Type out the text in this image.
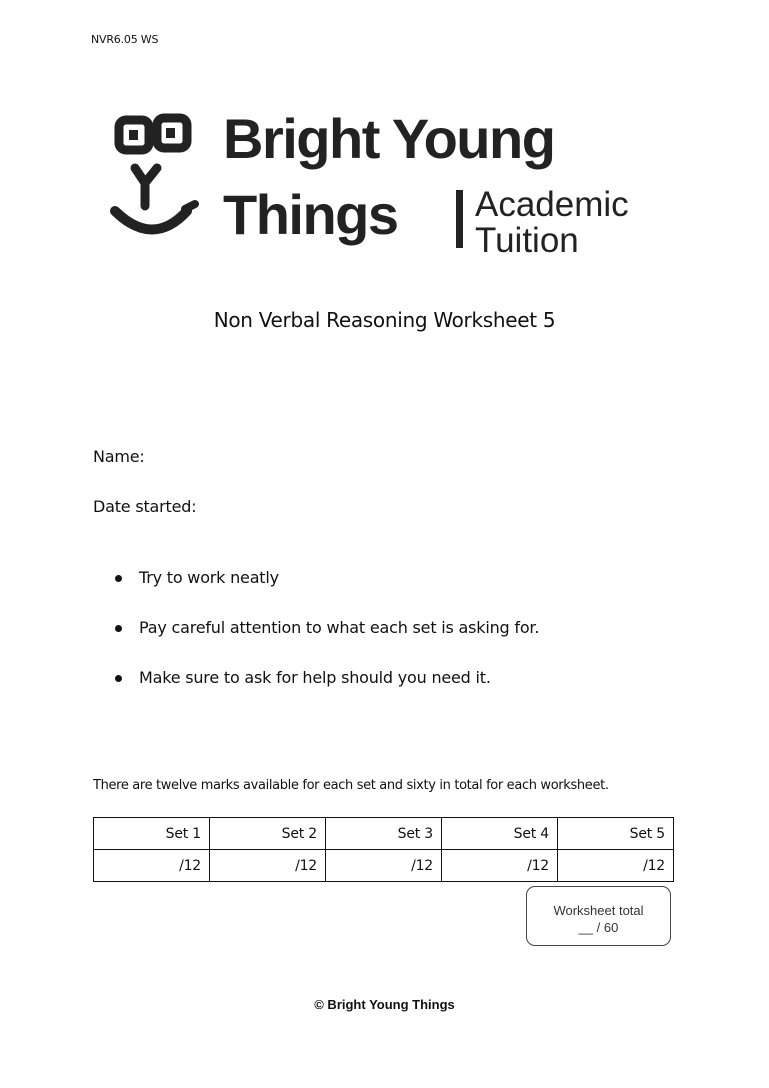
NVR6.05 WS
Bright Young
Things Academic
Tuition
Non Verbal Reasoning Worksheet 5
Name:
Date started:
Try to work neatly
Pay careful attention to what each set is asking for.
Make sure to ask for help should you need it.
There are twelve marks available for each set and sixty in total for each worksheet.
Set 1	Set 2	Set 3	Set 4	Set 5
/12	/12	/12	/12	/12
Worksheet total
__ / 60
© Bright Young Things
